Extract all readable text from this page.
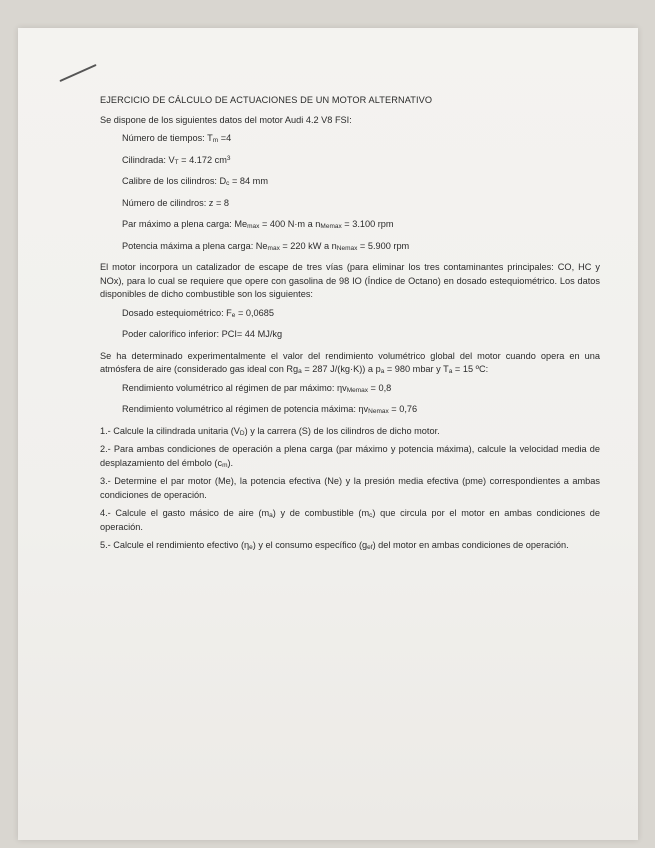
EJERCICIO DE CÁLCULO DE ACTUACIONES DE UN MOTOR ALTERNATIVO
Se dispone de los siguientes datos del motor Audi 4.2 V8 FSI:
Número de tiempos: $T_m =4$
Cilindrada: $V_T = 4.172$ $cm^3$
Calibre de los cilindros: $D_c = 84$ mm
Número de cilindros: z = 8
Par máximo a plena carga: $Me_{max} = 400$ N·m a $n_{Memax} = 3.100$ rpm
Potencia máxima a plena carga: $Ne_{max} = 220$ kW a $n_{Nemax} = 5.900$ rpm
El motor incorpora un catalizador de escape de tres vías (para eliminar los tres contaminantes principales: CO, HC y NOx), para lo cual se requiere que opere con gasolina de 98 IO (Índice de Octano) en dosado estequiométrico. Los datos disponibles de dicho combustible son los siguientes:
Dosado estequiométrico: $F_e = 0,0685$
Poder calorífico inferior: PCI= 44 MJ/kg
Se ha determinado experimentalmente el valor del rendimiento volumétrico global del motor cuando opera en una atmósfera de aire (considerado gas ideal con $Rg_a = 287$ J/(kg·K)) a $p_a = 980$ mbar y $T_a = 15$ ºC:
Rendimiento volumétrico al régimen de par máximo: $\eta v_{Memax} = 0,8$
Rendimiento volumétrico al régimen de potencia máxima: $\eta v_{Nemax} = 0,76$
1.- Calcule la cilindrada unitaria $(V_D)$ y la carrera (S) de los cilindros de dicho motor.
2.- Para ambas condiciones de operación a plena carga (par máximo y potencia máxima), calcule la velocidad media de desplazamiento del émbolo $(c_m)$.
3.- Determine el par motor (Me), la potencia efectiva (Ne) y la presión media efectiva (pme) correspondientes a ambas condiciones de operación.
4.- Calcule el gasto másico de aire $(m_a)$ y de combustible $(m_c)$ que circula por el motor en ambas condiciones de operación.
5.- Calcule el rendimiento efectivo $(\eta_e)$ y el consumo específico $(g_{ef})$ del motor en ambas condiciones de operación.
